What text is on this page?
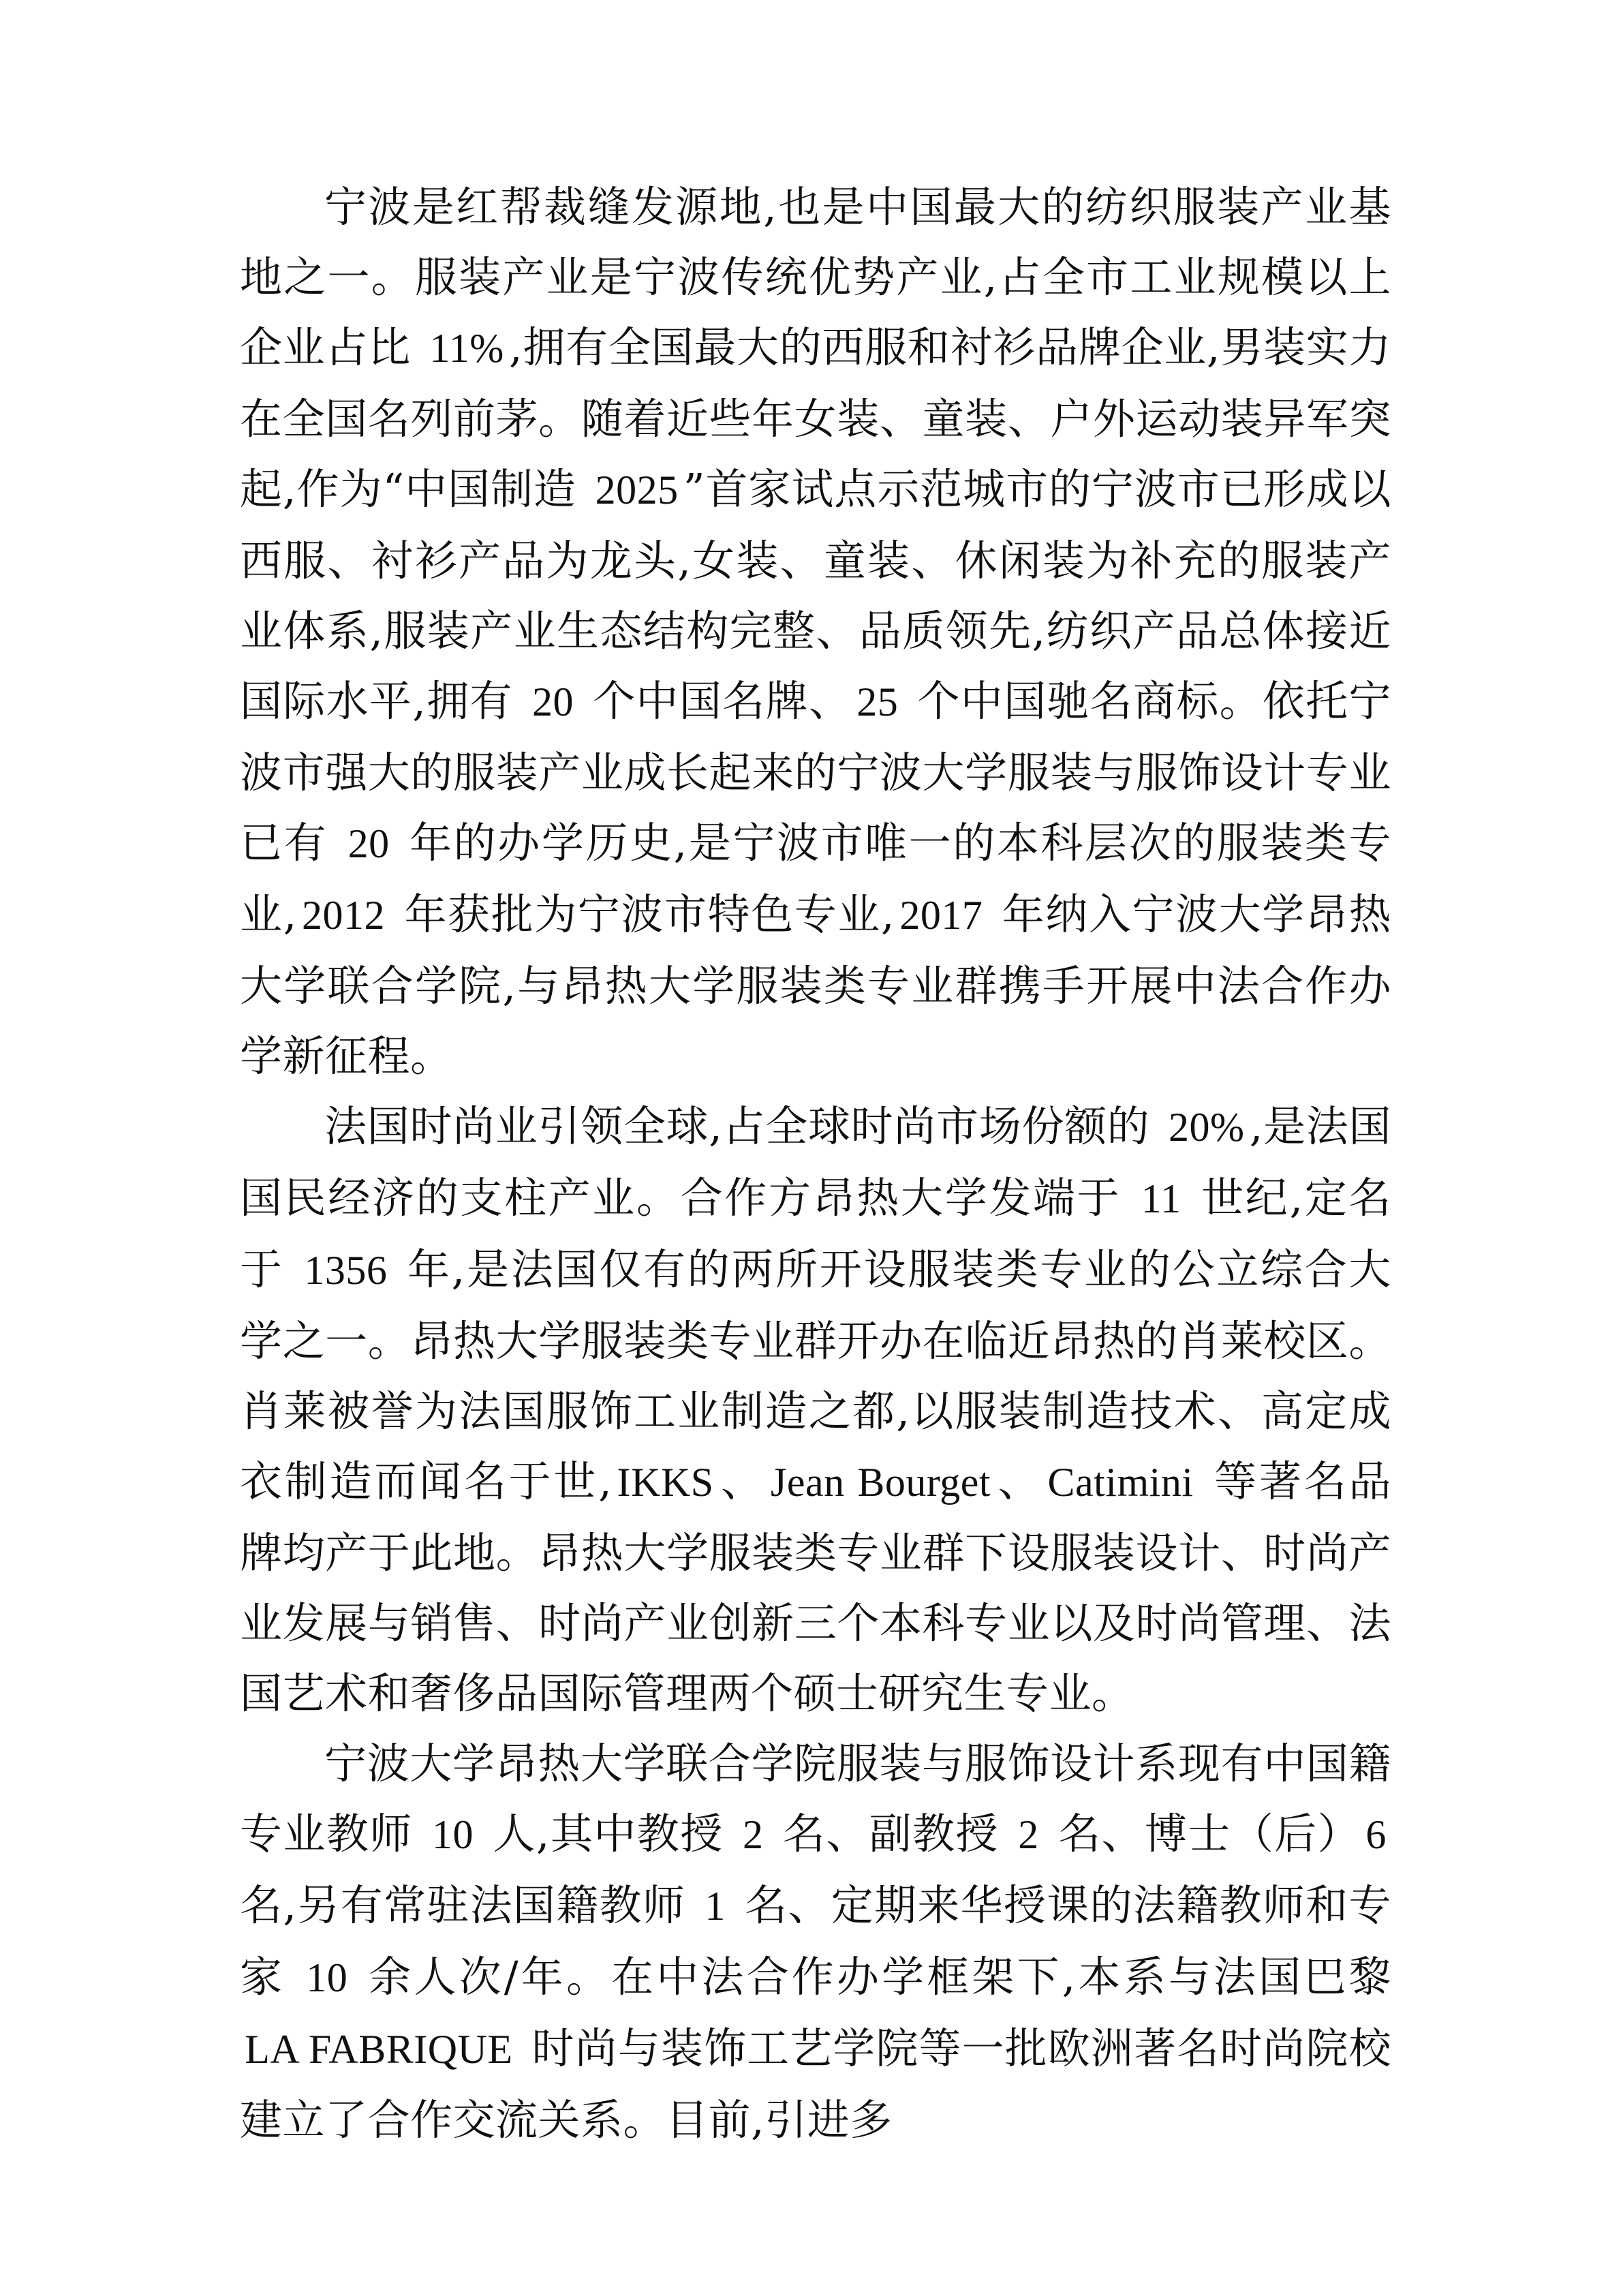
宁波是红帮裁缝发源地,也是中国最大的纺织服装产业基地之一。服装产业是宁波传统优势产业,占全市工业规模以上企业占比 11% ,拥有全国最大的西服和衬衫品牌企业,男装实力在全国名列前茅。随着近些年女装、童装、户外运动装异军突起,作为“中国制造 2025 ”首家试点示范城市的宁波市已形成以西服、衬衫产品为龙头,女装、童装、休闲装为补充的服装产业体系,服装产业生态结构完整、品质领先,纺织产品总体接近国际水平,拥有 20 个中国名牌、 25 个中国驰名商标。依托宁波市强大的服装产业成长起来的宁波大学服装与服饰设计专业已有 20 年的办学历史,是宁波市唯一的本科层次的服装类专业, 2012 年获批为宁波市特色专业, 2017 年纳入宁波大学昂热大学联合学院,与昂热大学服装类专业群携手开展中法合作办学新征程。

法国时尚业引领全球,占全球时尚市场份额的 20% ,是法国国民经济的支柱产业。合作方昂热大学发端于 11 世纪,定名于 1356 年,是法国仅有的两所开设服装类专业的公立综合大学之一。昂热大学服装类专业群开办在临近昂热的肖莱校区。肖莱被誉为法国服饰工业制造之都,以服装制造技术、高定成衣制造而闻名于世, IKKS 、 Jean Bourget 、 Catimini 等著名品牌均产于此地。昂热大学服装类专业群下设服装设计、时尚产业发展与销售、时尚产业创新三个本科专业以及时尚管理、法国艺术和奢侈品国际管理两个硕士研究生专业。

宁波大学昂热大学联合学院服装与服饰设计系现有中国籍专业教师 10 人,其中教授 2 名、副教授 2 名、博士（后） 6 名,另有常驻法国籍教师 1 名、定期来华授课的法籍教师和专家 10 余人次/年。在中法合作办学框架下,本系与法国巴黎 LA FABRIQUE 时尚与装饰工艺学院等一批欧洲著名时尚院校建立了合作交流关系。目前,引进多
